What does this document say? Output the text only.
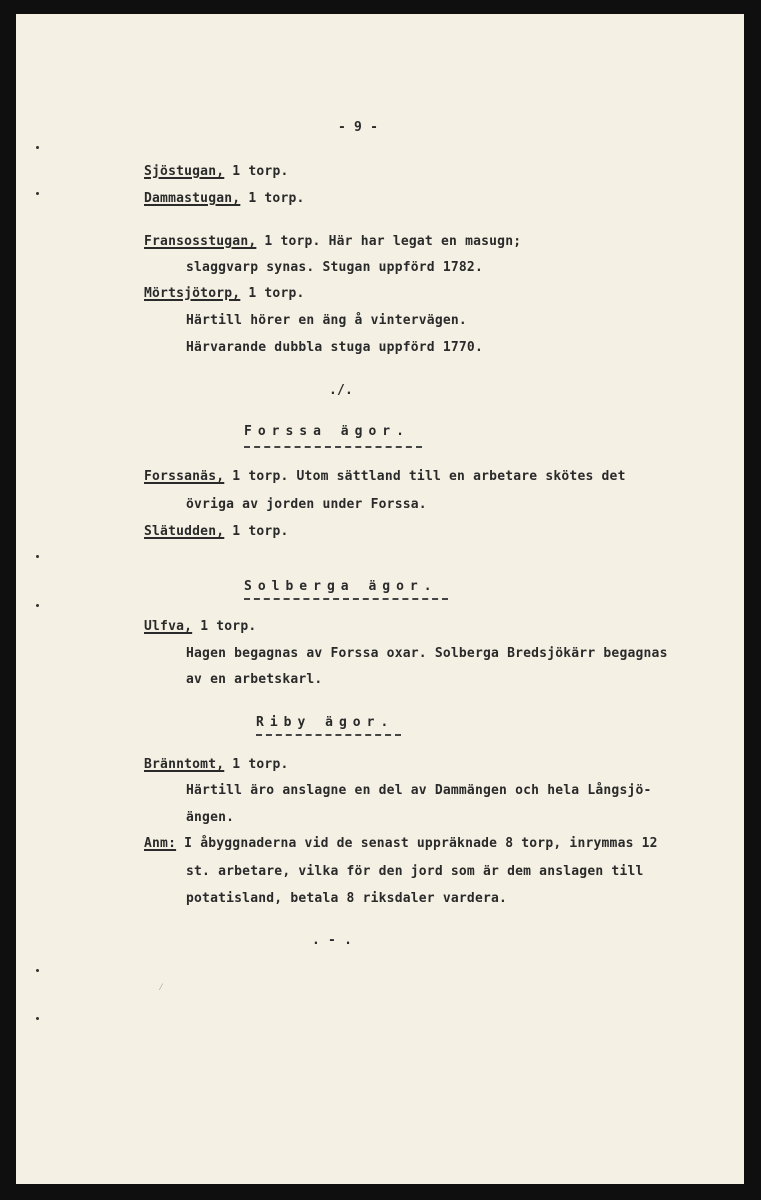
- 9 -
Sjöstugan, 1 torp.
Dammastugan, 1 torp.
Fransosstugan, 1 torp. Här har legat en masugn;
slaggvarp synas. Stugan uppförd 1782.
Mörtsjötorp, 1 torp.
Härtill hörer en äng å vintervägen.
Härvarande dubbla stuga uppförd 1770.
./.
Forssa ägor.
Forssanäs, 1 torp. Utom sättland till en arbetare skötes det
övriga av jorden under Forssa.
Slätudden, 1 torp.
Solberga ägor.
Ulfva, 1 torp.
Hagen begagnas av Forssa oxar. Solberga Bredsjökärr begagnas
av en arbetskarl.
Riby ägor.
Bränntomt, 1 torp.
Härtill äro anslagne en del av Dammängen och hela Långsjö-
ängen.
Anm: I åbyggnaderna vid de senast uppräknade 8 torp, inrymmas 12
st. arbetare, vilka för den jord som är dem anslagen till
potatisland, betala 8 riksdaler vardera.
. - .
⁄
